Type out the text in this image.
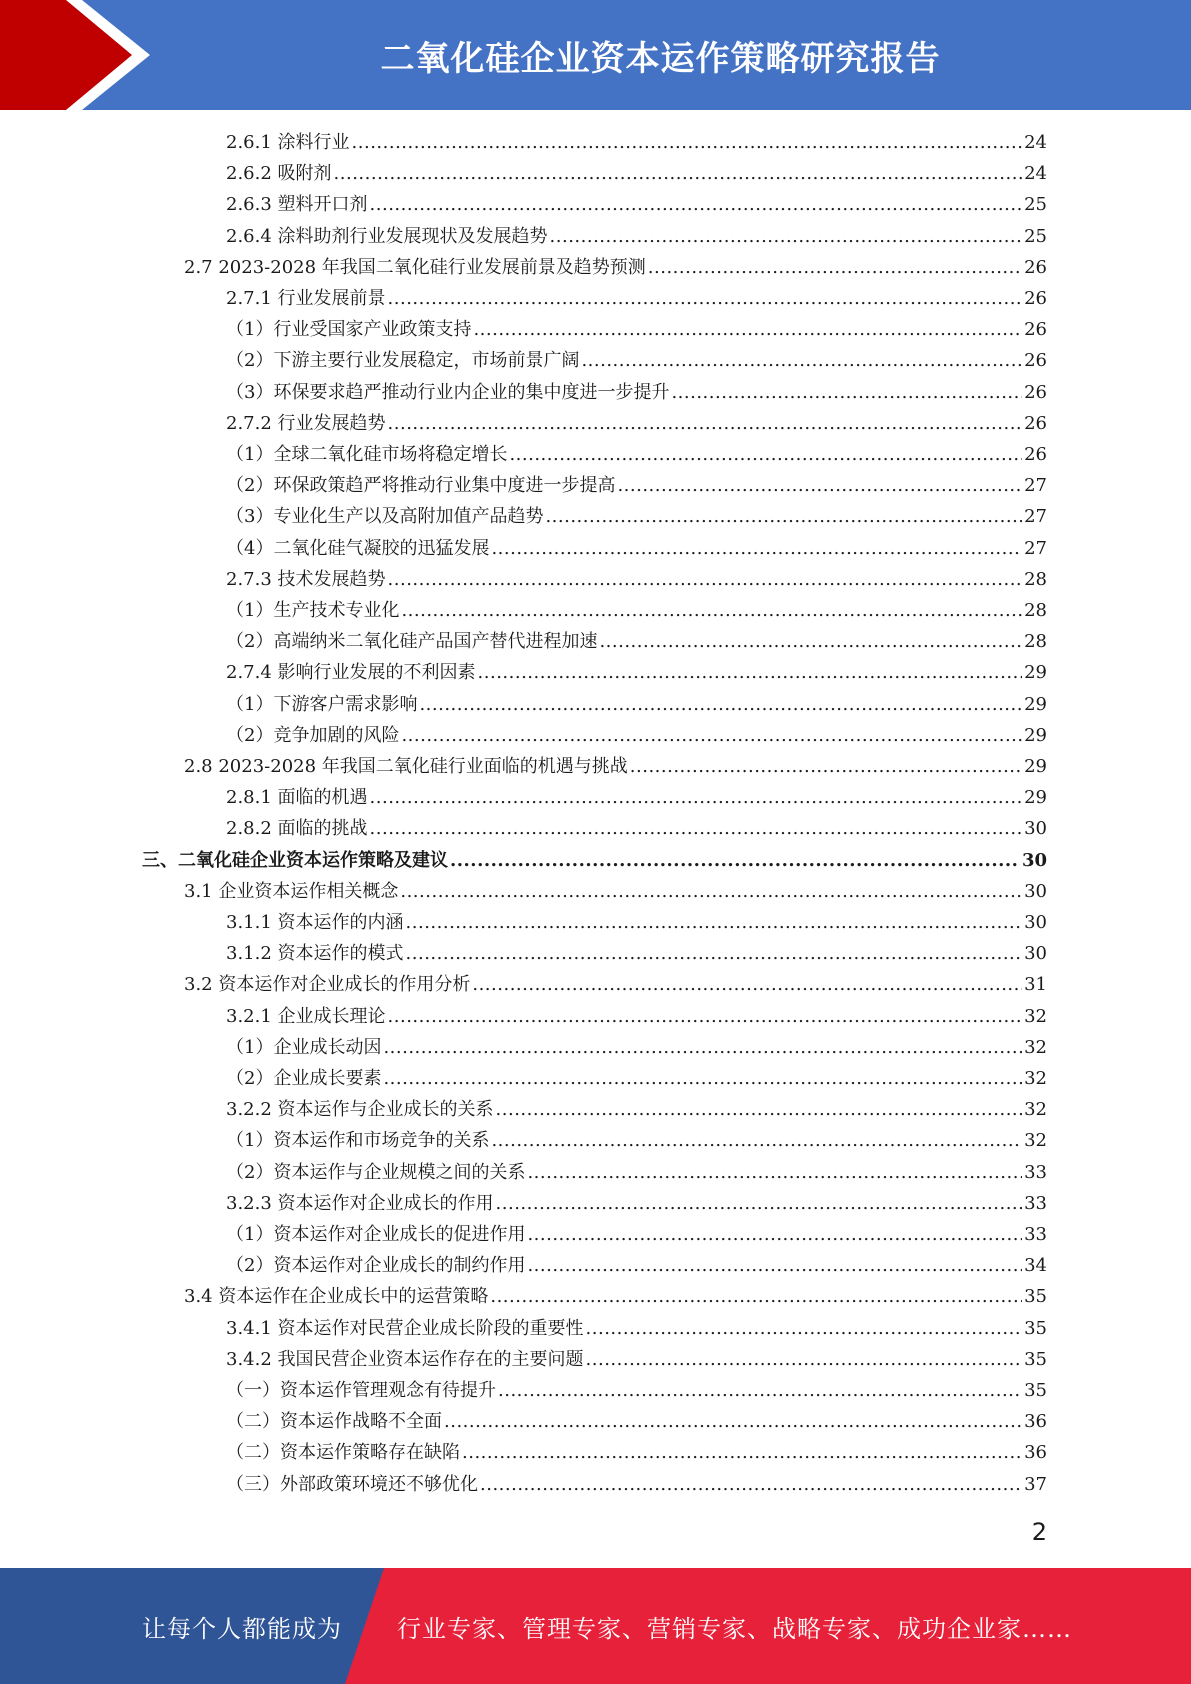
二氧化硅企业资本运作策略研究报告
2.6.1 涂料行业 .....	24
2.6.2 吸附剂 .....	24
2.6.3 塑料开口剂 .....	25
2.6.4 涂料助剂行业发展现状及发展趋势 .....	25
2.7 2023-2028 年我国二氧化硅行业发展前景及趋势预测 .....	26
2.7.1 行业发展前景 .....	26
（1）行业受国家产业政策支持 .....	26
（2）下游主要行业发展稳定，市场前景广阔 .....	26
（3）环保要求趋严推动行业内企业的集中度进一步提升 .....	26
2.7.2 行业发展趋势 .....	26
（1）全球二氧化硅市场将稳定增长 .....	26
（2）环保政策趋严将推动行业集中度进一步提高 .....	27
（3）专业化生产以及高附加值产品趋势 .....	27
（4）二氧化硅气凝胶的迅猛发展 .....	27
2.7.3 技术发展趋势 .....	28
（1）生产技术专业化 .....	28
（2）高端纳米二氧化硅产品国产替代进程加速 .....	28
2.7.4 影响行业发展的不利因素 .....	29
（1）下游客户需求影响 .....	29
（2）竞争加剧的风险 .....	29
2.8 2023-2028 年我国二氧化硅行业面临的机遇与挑战 .....	29
2.8.1 面临的机遇 .....	29
2.8.2 面临的挑战 .....	30
三、二氧化硅企业资本运作策略及建议 .....	30
3.1 企业资本运作相关概念 .....	30
3.1.1 资本运作的内涵 .....	30
3.1.2 资本运作的模式 .....	30
3.2 资本运作对企业成长的作用分析 .....	31
3.2.1 企业成长理论 .....	32
（1）企业成长动因 .....	32
（2）企业成长要素 .....	32
3.2.2 资本运作与企业成长的关系 .....	32
（1）资本运作和市场竞争的关系 .....	32
（2）资本运作与企业规模之间的关系 .....	33
3.2.3 资本运作对企业成长的作用 .....	33
（1）资本运作对企业成长的促进作用 .....	33
（2）资本运作对企业成长的制约作用 .....	34
3.4 资本运作在企业成长中的运营策略 .....	35
3.4.1 资本运作对民营企业成长阶段的重要性 .....	35
3.4.2 我国民营企业资本运作存在的主要问题 .....	35
（一）资本运作管理观念有待提升 .....	35
（二）资本运作战略不全面 .....	36
（二）资本运作策略存在缺陷 .....	36
（三）外部政策环境还不够优化 .....	37
2
让每个人都能成为 行业专家、管理专家、营销专家、战略专家、成功企业家……
